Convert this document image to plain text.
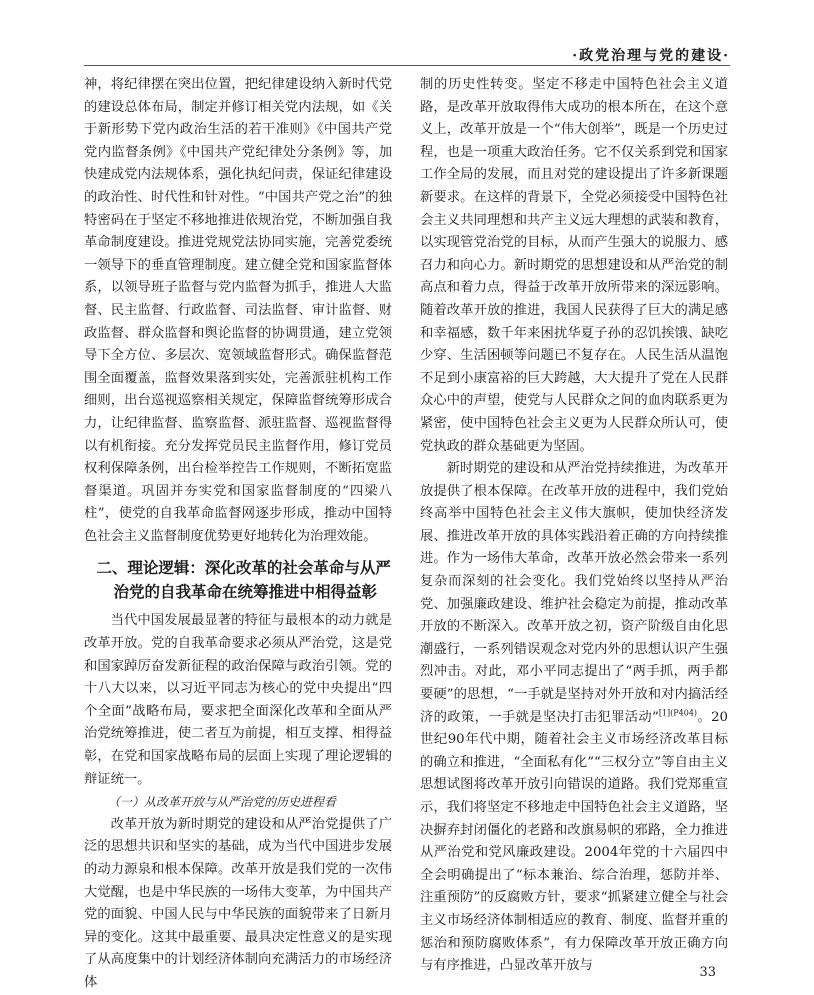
·政党治理与党的建设·

神，将纪律摆在突出位置，把纪律建设纳入新时代党的建设总体布局，制定并修订相关党内法规，如《关于新形势下党内政治生活的若干准则》《中国共产党党内监督条例》《中国共产党纪律处分条例》等，加快建成党内法规体系，强化执纪问责，保证纪律建设的政治性、时代性和针对性。“中国共产党之治”的独特密码在于坚定不移地推进依规治党，不断加强自我革命制度建设。推进党规党法协同实施，完善党委统一领导下的垂直管理制度。建立健全党和国家监督体系，以领导班子监督与党内监督为抓手，推进人大监督、民主监督、行政监督、司法监督、审计监督、财政监督、群众监督和舆论监督的协调贯通，建立党领导下全方位、多层次、宽领域监督形式。确保监督范围全面覆盖，监督效果落到实处，完善派驻机构工作细则，出台巡视巡察相关规定，保障监督统筹形成合力，让纪律监督、监察监督、派驻监督、巡视监督得以有机衔接。充分发挥党员民主监督作用，修订党员权利保障条例，出台检举控告工作规则，不断拓宽监督渠道。巩固并夯实党和国家监督制度的“四梁八柱”，使党的自我革命监督网逐步形成，推动中国特色社会主义监督制度优势更好地转化为治理效能。

二、理论逻辑：深化改革的社会革命与从严
治党的自我革命在统筹推进中相得益彰

当代中国发展最显著的特征与最根本的动力就是改革开放。党的自我革命要求必须从严治党，这是党和国家踔厉奋发新征程的政治保障与政治引领。党的十八大以来，以习近平同志为核心的党中央提出“四个全面”战略布局，要求把全面深化改革和全面从严治党统筹推进，使二者互为前提，相互支撑、相得益彰，在党和国家战略布局的层面上实现了理论逻辑的辩证统一。

（一）从改革开放与从严治党的历史进程看

改革开放为新时期党的建设和从严治党提供了广泛的思想共识和坚实的基础，成为当代中国进步发展的动力源泉和根本保障。改革开放是我们党的一次伟大觉醒，也是中华民族的一场伟大变革，为中国共产党的面貌、中国人民与中华民族的面貌带来了日新月异的变化。这其中最重要、最具决定性意义的是实现了从高度集中的计划经济体制向充满活力的市场经济体

制的历史性转变。坚定不移走中国特色社会主义道路，是改革开放取得伟大成功的根本所在，在这个意义上，改革开放是一个“伟大创举”，既是一个历史过程，也是一项重大政治任务。它不仅关系到党和国家工作全局的发展，而且对党的建设提出了许多新课题新要求。在这样的背景下，全党必须接受中国特色社会主义共同理想和共产主义远大理想的武装和教育，以实现管党治党的目标，从而产生强大的说服力、感召力和向心力。新时期党的思想建设和从严治党的制高点和着力点，得益于改革开放所带来的深远影响。随着改革开放的推进，我国人民获得了巨大的满足感和幸福感，数千年来困扰华夏子孙的忍饥挨饿、缺吃少穿、生活困顿等问题已不复存在。人民生活从温饱不足到小康富裕的巨大跨越，大大提升了党在人民群众心中的声望，使党与人民群众之间的血肉联系更为紧密，使中国特色社会主义更为人民群众所认可，使党执政的群众基础更为坚固。

新时期党的建设和从严治党持续推进，为改革开放提供了根本保障。在改革开放的进程中，我们党始终高举中国特色社会主义伟大旗帜，使加快经济发展、推进改革开放的具体实践沿着正确的方向持续推进。作为一场伟大革命，改革开放必然会带来一系列复杂而深刻的社会变化。我们党始终以坚持从严治党、加强廉政建设、维护社会稳定为前提，推动改革开放的不断深入。改革开放之初，资产阶级自由化思潮盛行，一系列错误观念对党内外的思想认识产生强烈冲击。对此，邓小平同志提出了“两手抓，两手都要硬”的思想，“一手就是坚持对外开放和对内搞活经济的政策，一手就是坚决打击犯罪活动”$^{[1](P404)}$。20世纪90年代中期，随着社会主义市场经济改革目标的确立和推进，“全面私有化”“三权分立”等自由主义思想试图将改革开放引向错误的道路。我们党郑重宣示，我们将坚定不移地走中国特色社会主义道路，坚决摒弃封闭僵化的老路和改旗易帜的邪路，全力推进从严治党和党风廉政建设。2004年党的十六届四中全会明确提出了“标本兼治、综合治理，惩防并举、注重预防”的反腐败方针，要求“抓紧建立健全与社会主义市场经济体制相适应的教育、制度、监督并重的惩治和预防腐败体系”，有力保障改革开放正确方向与有序推进，凸显改革开放与	33
